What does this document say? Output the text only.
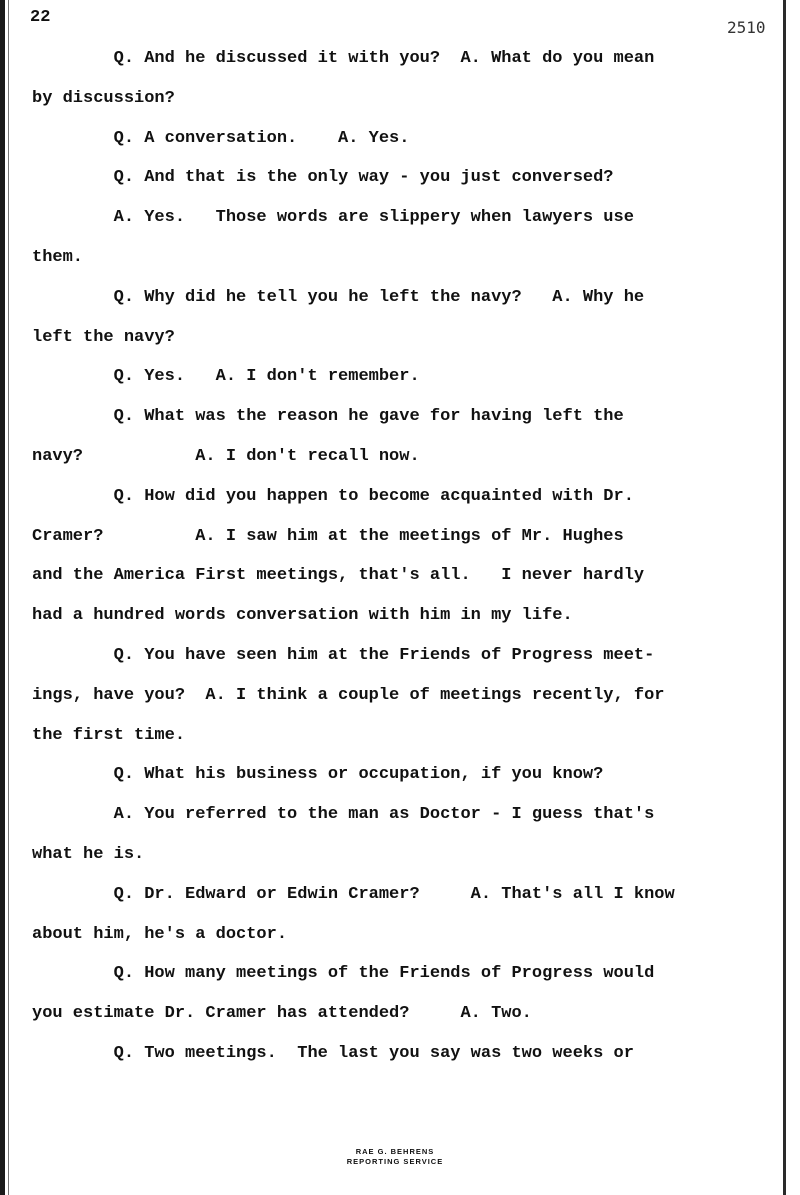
22
2510
Q. And he discussed it with you?  A. What do you mean
by discussion?
Q. A conversation.    A. Yes.
Q. And that is the only way - you just conversed?
A. Yes.   Those words are slippery when lawyers use
them.
Q. Why did he tell you he left the navy?   A. Why he
left the navy?
Q. Yes.   A. I don't remember.
Q. What was the reason he gave for having left the
navy?           A. I don't recall now.
Q. How did you happen to become acquainted with Dr.
Cramer?         A. I saw him at the meetings of Mr. Hughes
and the America First meetings, that's all.   I never hardly
had a hundred words conversation with him in my life.
Q. You have seen him at the Friends of Progress meet-
ings, have you?  A. I think a couple of meetings recently, for
the first time.
Q. What his business or occupation, if you know?
A. You referred to the man as Doctor - I guess that's
what he is.
Q. Dr. Edward or Edwin Cramer?     A. That's all I know
about him, he's a doctor.
Q. How many meetings of the Friends of Progress would
you estimate Dr. Cramer has attended?     A. Two.
Q. Two meetings.  The last you say was two weeks or
RAE G. BEHRENS
REPORTING SERVICE
